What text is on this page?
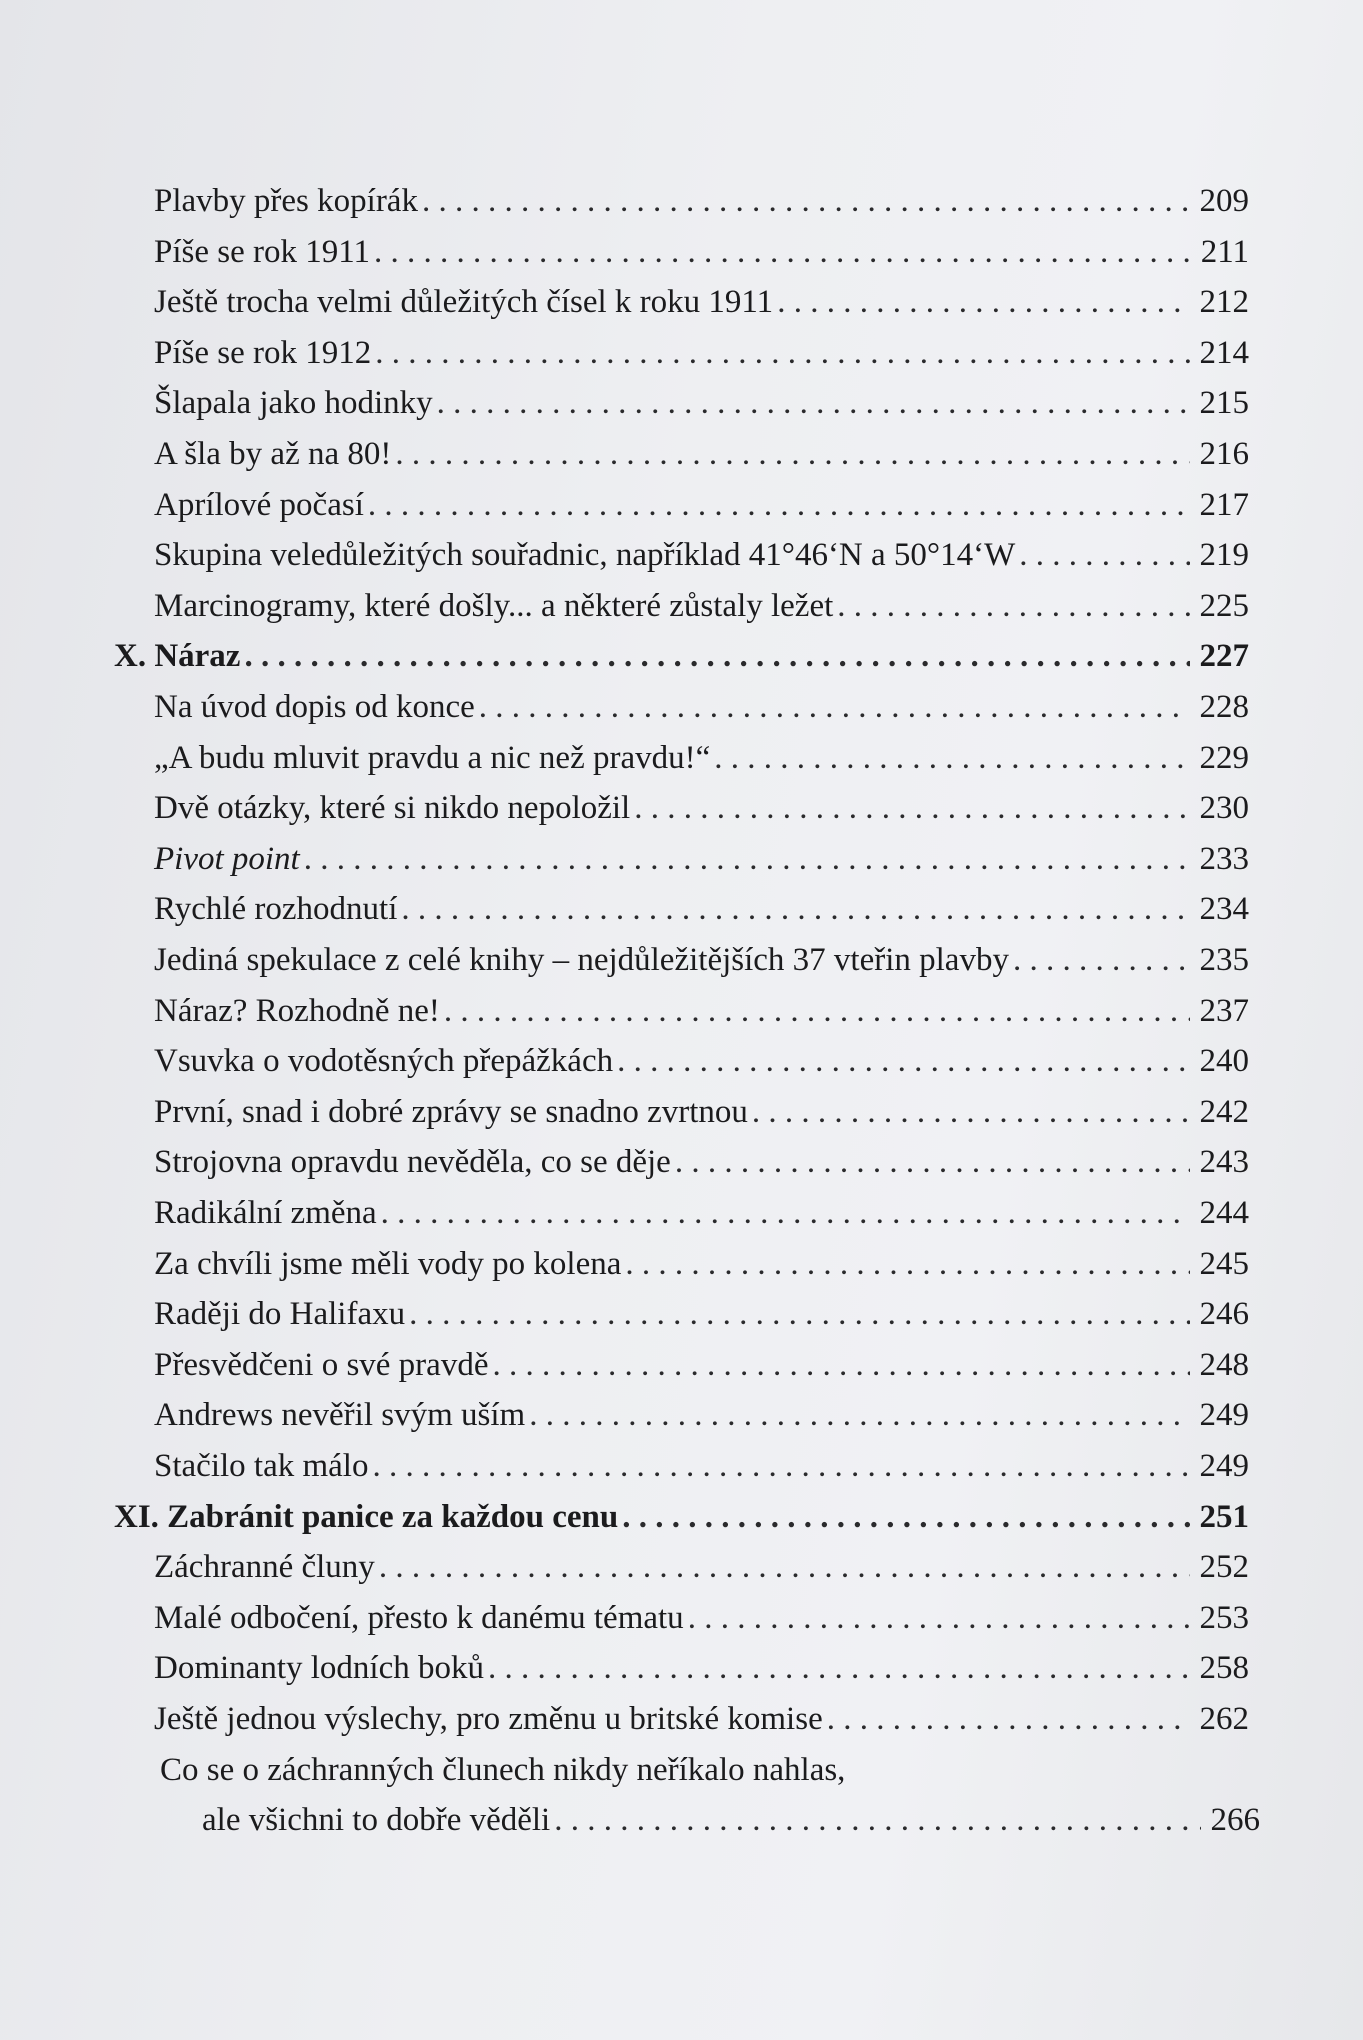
Plavby přes kopírák . . .	209
Píše se rok 1911 . . .	211
Ještě trocha velmi důležitých čísel k roku 1911 . . .	212
Píše se rok 1912 . . .	214
Šlapala jako hodinky . . .	215
A šla by až na 80! . . .	216
Aprílové počasí . . .	217
Skupina veledůležitých souřadnic, například 41°46‘N a 50°14‘W . . .	219
Marcinogramy, které došly... a některé zůstaly ležet . . .	225
X. Náraz . . .	227
Na úvod dopis od konce . . .	228
„A budu mluvit pravdu a nic než pravdu!“ . . .	229
Dvě otázky, které si nikdo nepoložil . . .	230
Pivot point . . .	233
Rychlé rozhodnutí . . .	234
Jediná spekulace z celé knihy – nejdůležitějších 37 vteřin plavby . . .	235
Náraz? Rozhodně ne! . . .	237
Vsuvka o vodotěsných přepážkách . . .	240
První, snad i dobré zprávy se snadno zvrtnou . . .	242
Strojovna opravdu nevěděla, co se děje . . .	243
Radikální změna . . .	244
Za chvíli jsme měli vody po kolena . . .	245
Raději do Halifaxu . . .	246
Přesvědčeni o své pravdě . . .	248
Andrews nevěřil svým uším . . .	249
Stačilo tak málo . . .	249
XI. Zabránit panice za každou cenu . . .	251
Záchranné čluny . . .	252
Malé odbočení, přesto k danému tématu . . .	253
Dominanty lodních boků . . .	258
Ještě jednou výslechy, pro změnu u britské komise . . .	262
Co se o záchranných člunech nikdy neříkalo nahlas,
ale všichni to dobře věděli . . .	266
